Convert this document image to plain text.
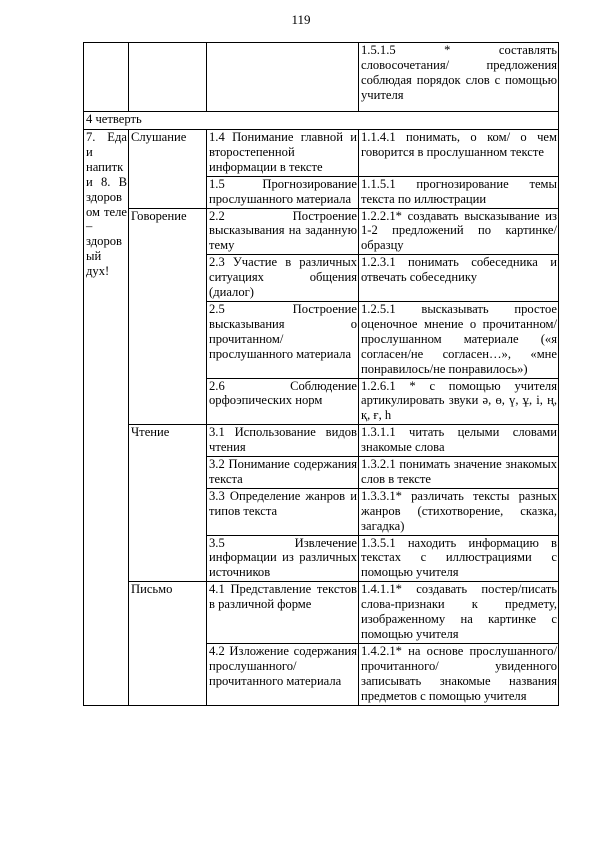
119
			1.5.1.5 * составлять словосочетания/ предложения соблюдая порядок слов с помощью учителя
4 четверть			
7. Еда и напитки 8. В здоровом теле – здоровый дух!	Слушание	1.4 Понимание главной и второстепенной информации в тексте	1.1.4.1 понимать, о ком/ о чем говорится в прослушанном тексте
		1.5 Прогнозирование прослушанного материала	1.1.5.1 прогнозирование темы текста по иллюстрации
	Говорение	2.2 Построение высказывания на заданную тему	1.2.2.1* создавать высказывание из 1-2 предложений по картинке/образцу
		2.3 Участие в различных ситуациях общения (диалог)	1.2.3.1 понимать собеседника и отвечать собеседнику
		2.5 Построение высказывания о прочитанном/прослушанного материала	1.2.5.1 высказывать простое оценочное мнение о прочитанном/ прослушанном материале («я согласен/не согласен…», «мне понравилось/не понравилось»)
		2.6 Соблюдение орфоэпических норм	1.2.6.1 * с помощью учителя артикулировать звуки ә, ө, ү, ұ, і, ң, қ, ғ, һ
	Чтение	3.1 Использование видов чтения	1.3.1.1 читать целыми словами знакомые слова
		3.2 Понимание содержания текста	1.3.2.1 понимать значение знакомых слов в тексте
		3.3 Определение жанров и типов текста	1.3.3.1* различать тексты разных жанров (стихотворение, сказка, загадка)
		3.5 Извлечение информации из различных источников	1.3.5.1 находить информацию в текстах с иллюстрациями с помощью учителя
	Письмо	4.1 Представление текстов в различной форме	1.4.1.1* создавать постер/писать слова-признаки к предмету, изображенному на картинке с помощью учителя
		4.2 Изложение содержания прослушанного/прочитанного материала	1.4.2.1* на основе прослушанного/ прочитанного/ увиденного записывать знакомые названия предметов с помощью учителя
